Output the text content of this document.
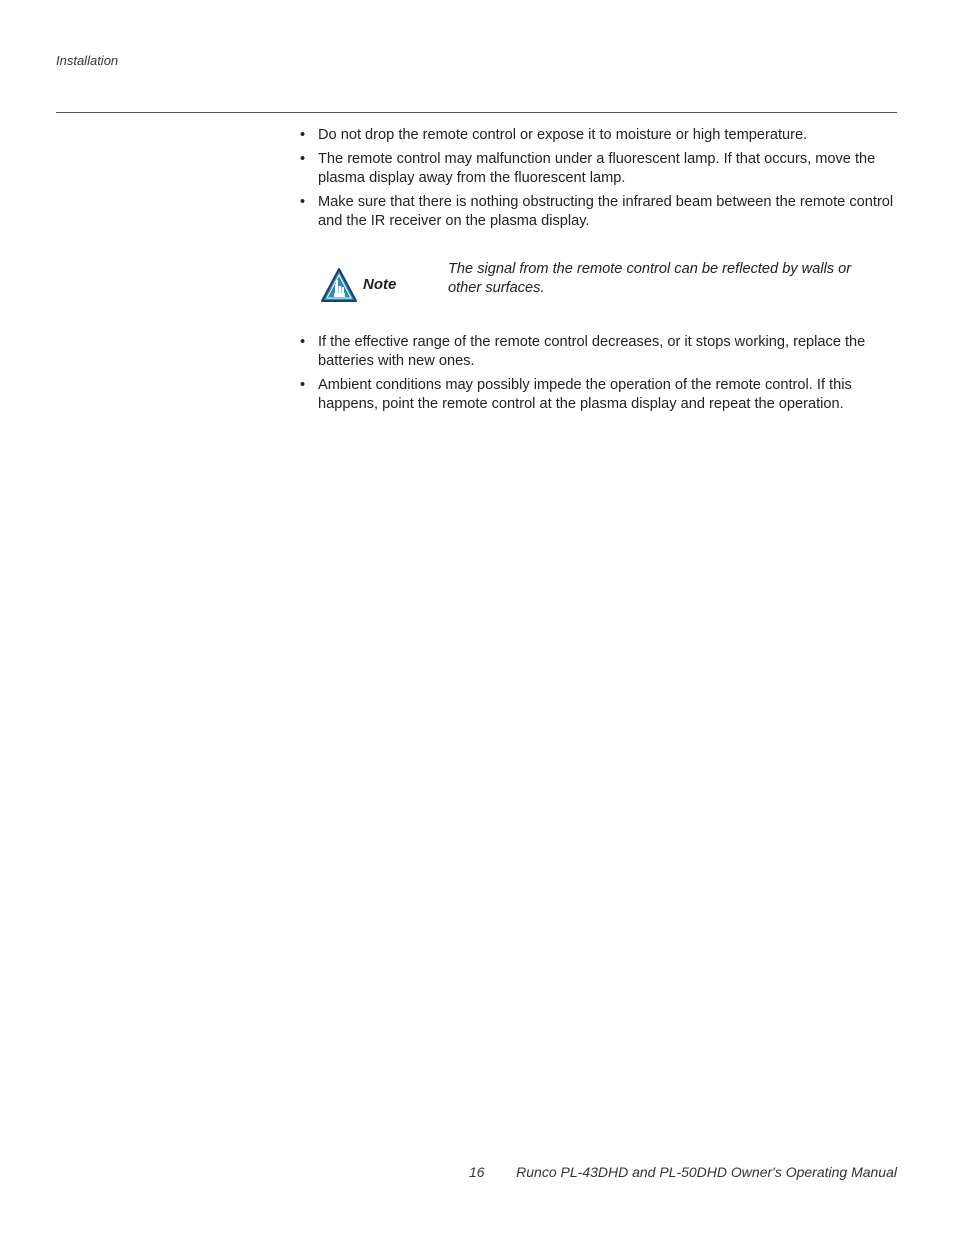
Installation
• Do not drop the remote control or expose it to moisture or high temperature.
• The remote control may malfunction under a fluorescent lamp. If that occurs, move the plasma display away from the fluorescent lamp.
• Make sure that there is nothing obstructing the infrared beam between the remote control and the IR receiver on the plasma display.
Note
The signal from the remote control can be reflected by walls or other surfaces.
• If the effective range of the remote control decreases, or it stops working, replace the batteries with new ones.
• Ambient conditions may possibly impede the operation of the remote control. If this happens, point the remote control at the plasma display and repeat the operation.
16 Runco PL-43DHD and PL-50DHD Owner's Operating Manual
